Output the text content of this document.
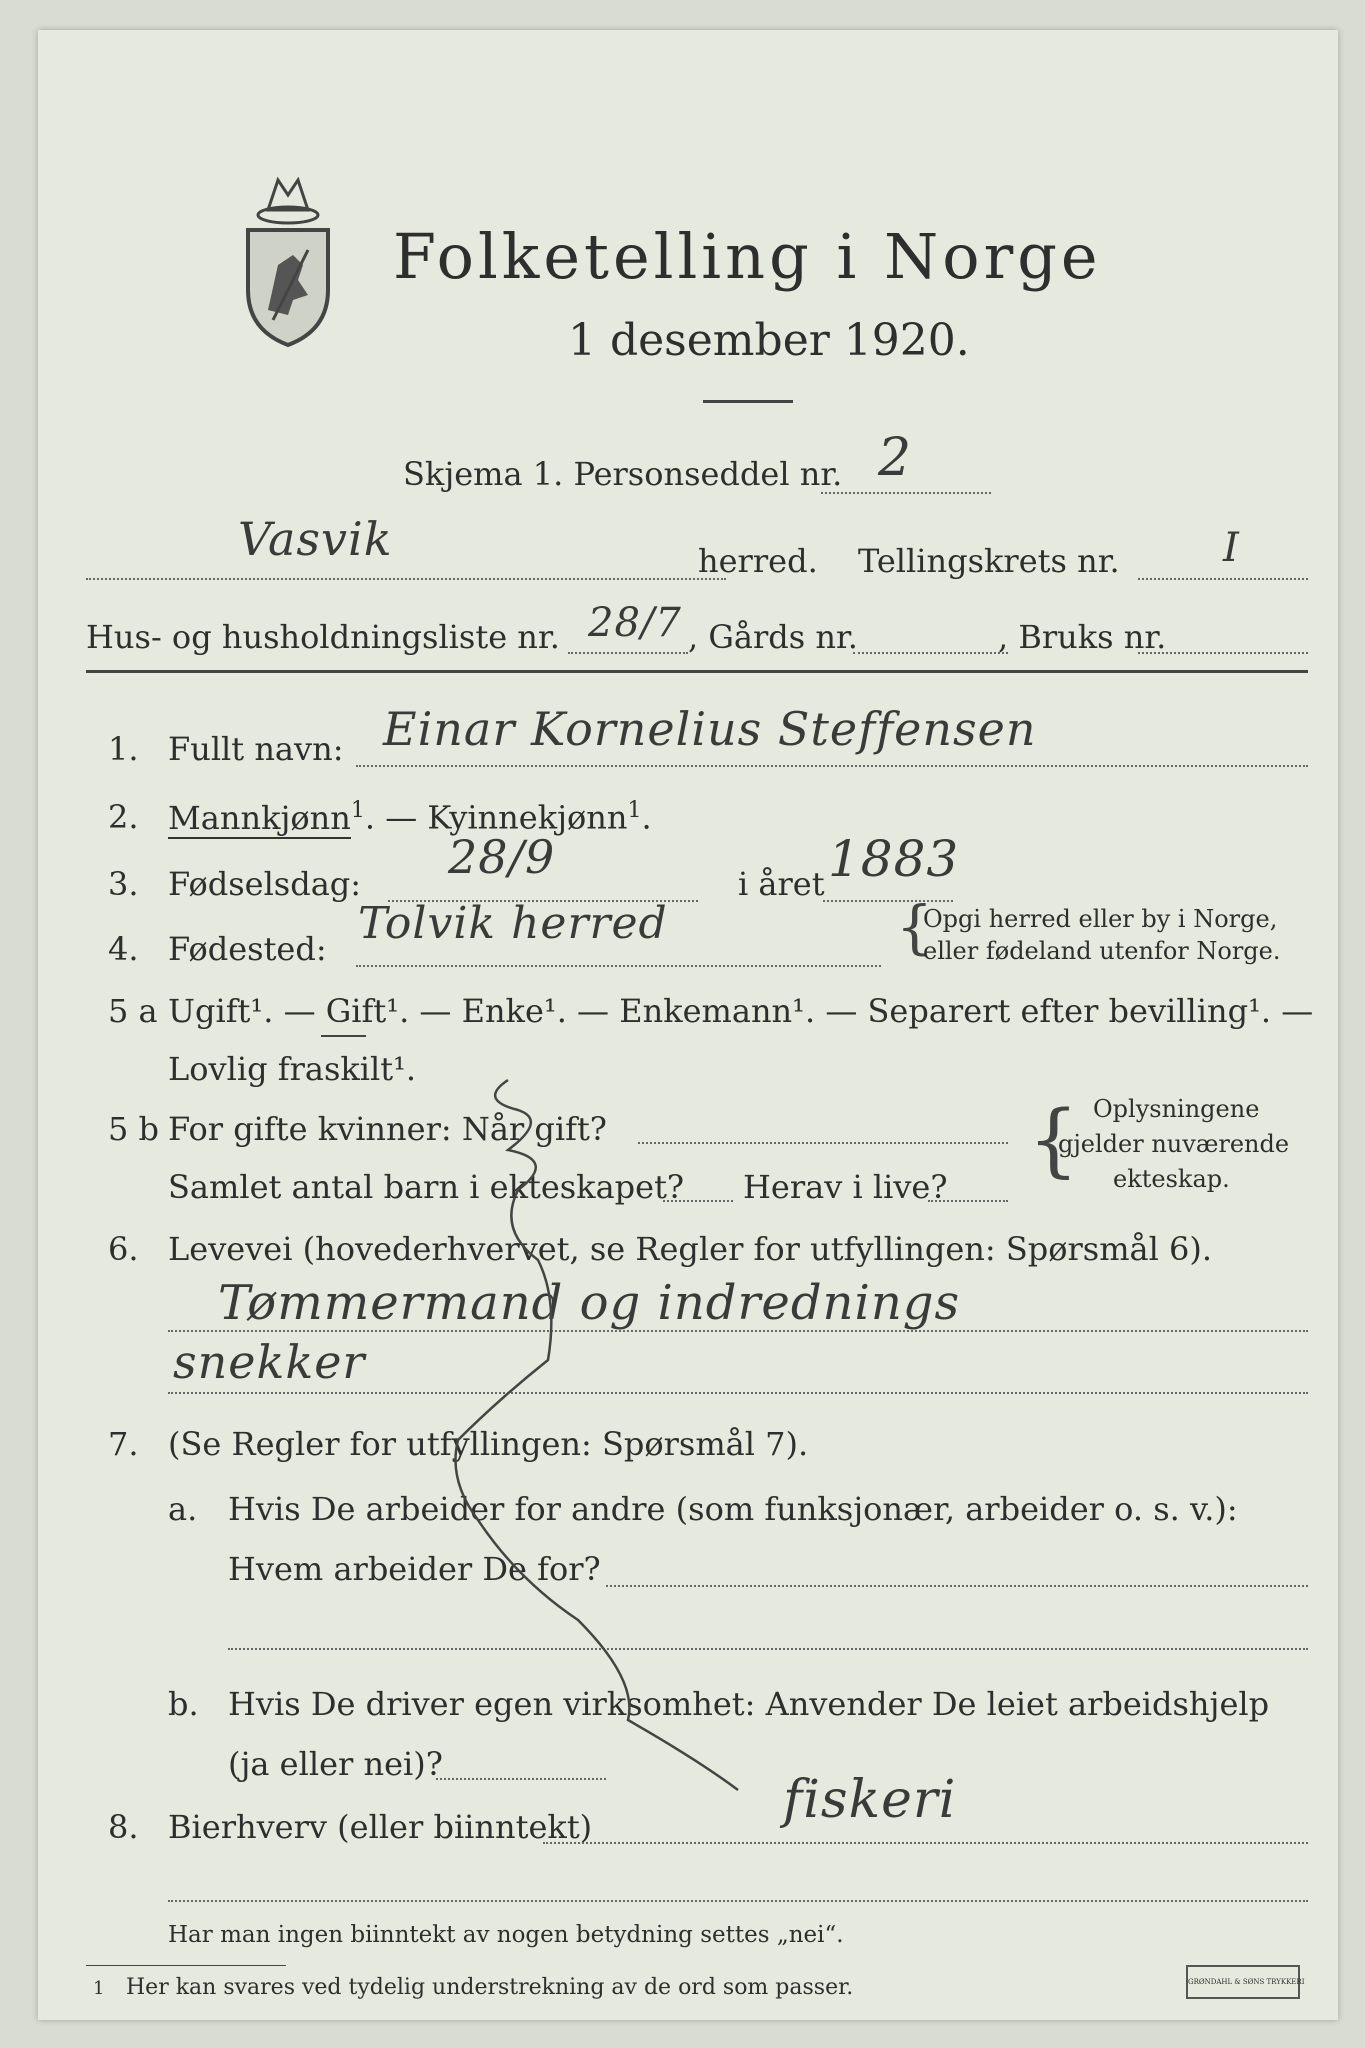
Folketelling i Norge
1 desember 1920.
Skjema 1. Personseddel nr. 2
Vasvik	herred. Tellingskrets nr.	I
Hus- og husholdningsliste nr. 28/7 , Gårds nr.	, Bruks nr.
1. Fullt navn: Einar Kornelius Steffensen
2. Mannkjønn$^1$. — Kyinnekjønn$^1$.
3. Fødselsdag: 28/9	i året 1883
4. Fødested: Tolvik herred	{
Opgi herred eller by i Norge,
eller fødeland utenfor Norge.
5 a Ugift¹. — Gift¹. — Enke¹. — Enkemann¹. — Separert efter bevilling¹. —
Lovlig fraskilt¹.
5 b For gifte kvinner: Når gift?
Samlet antal barn i ekteskapet? Herav i live?
{ Oplysningene
gjelder nuværende
ekteskap.
6. Levevei (hovederhvervet, se Regler for utfyllingen: Spørsmål 6).
Tømmermand og indrednings
snekker
7. (Se Regler for utfyllingen: Spørsmål 7).
a. Hvis De arbeider for andre (som funksjonær, arbeider o. s. v.):
Hvem arbeider De for?
b. Hvis De driver egen virksomhet: Anvender De leiet arbeidshjelp
(ja eller nei)?
8. Bierhverv (eller biinntekt)	fiskeri
Har man ingen biinntekt av nogen betydning settes „nei“.
1 Her kan svares ved tydelig understrekning av de ord som passer.	GRØNDAHL & SØNS TRYKKERI
